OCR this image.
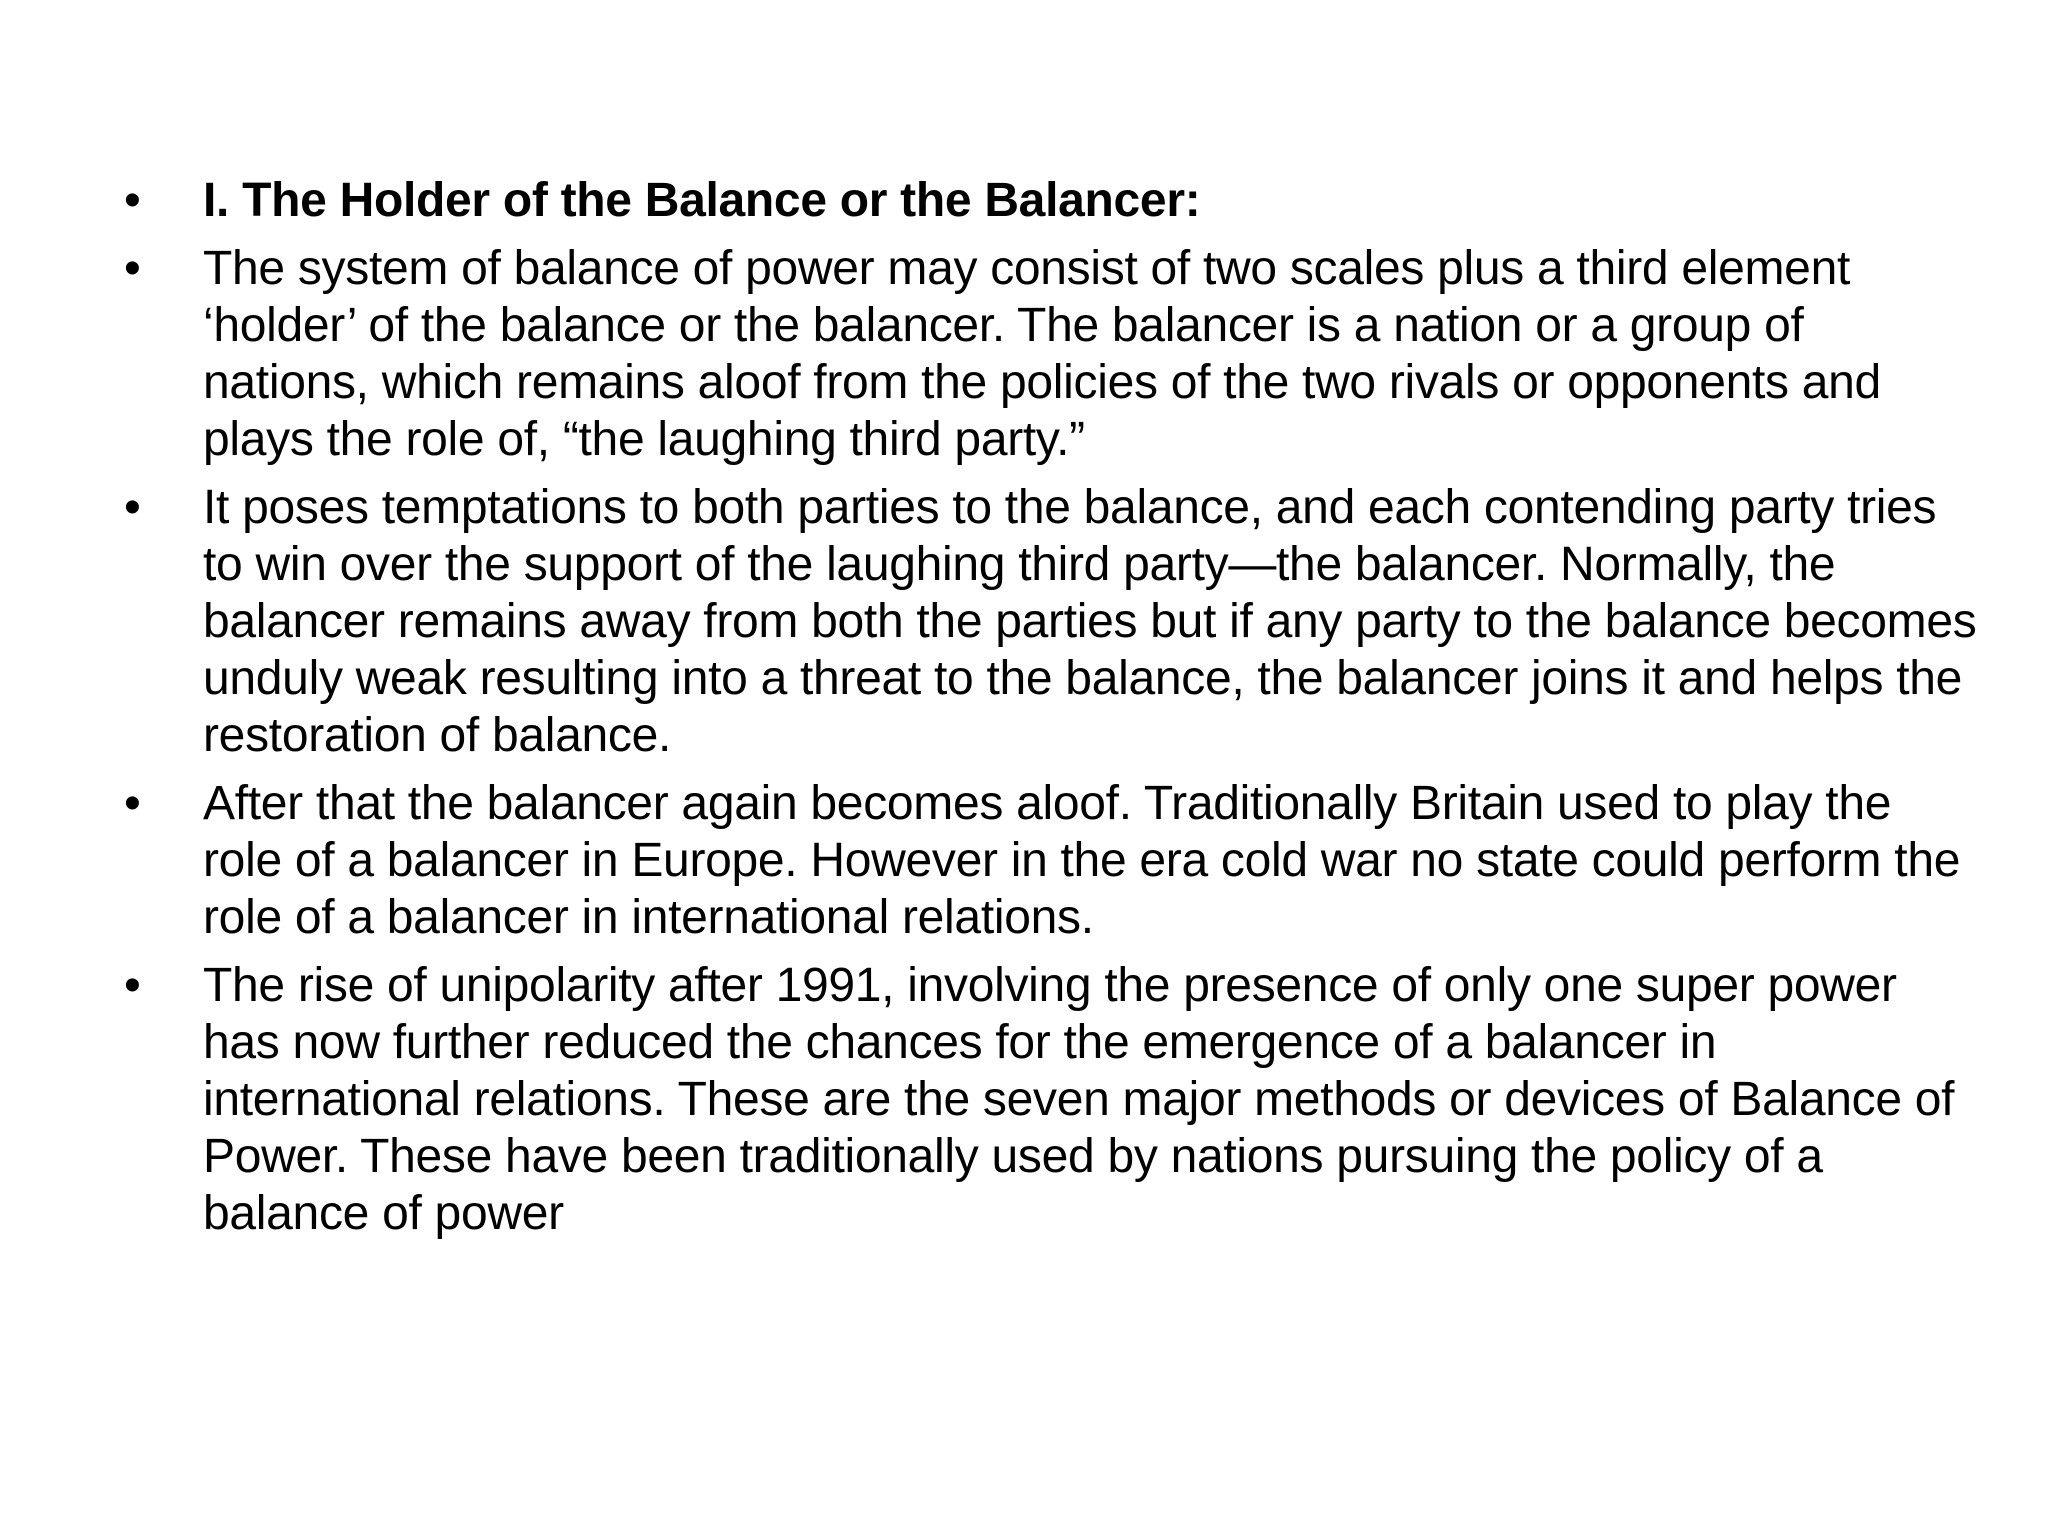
• I. The Holder of the Balance or the Balancer:
• The system of balance of power may consist of two scales plus a third element ‘holder’ of the balance or the balancer. The balancer is a nation or a group of nations, which remains aloof from the policies of the two rivals or opponents and plays the role of, “the laughing third party.”
• It poses temptations to both parties to the balance, and each contending party tries to win over the support of the laughing third party—the balancer. Normally, the balancer remains away from both the parties but if any party to the balance becomes unduly weak resulting into a threat to the balance, the balancer joins it and helps the restoration of balance.
• After that the balancer again becomes aloof. Traditionally Britain used to play the role of a balancer in Europe. However in the era cold war no state could perform the role of a balancer in international relations.
• The rise of unipolarity after 1991, involving the presence of only one super power has now further reduced the chances for the emergence of a balancer in international relations. These are the seven major methods or devices of Balance of Power. These have been traditionally used by nations pursuing the policy of a balance of power
